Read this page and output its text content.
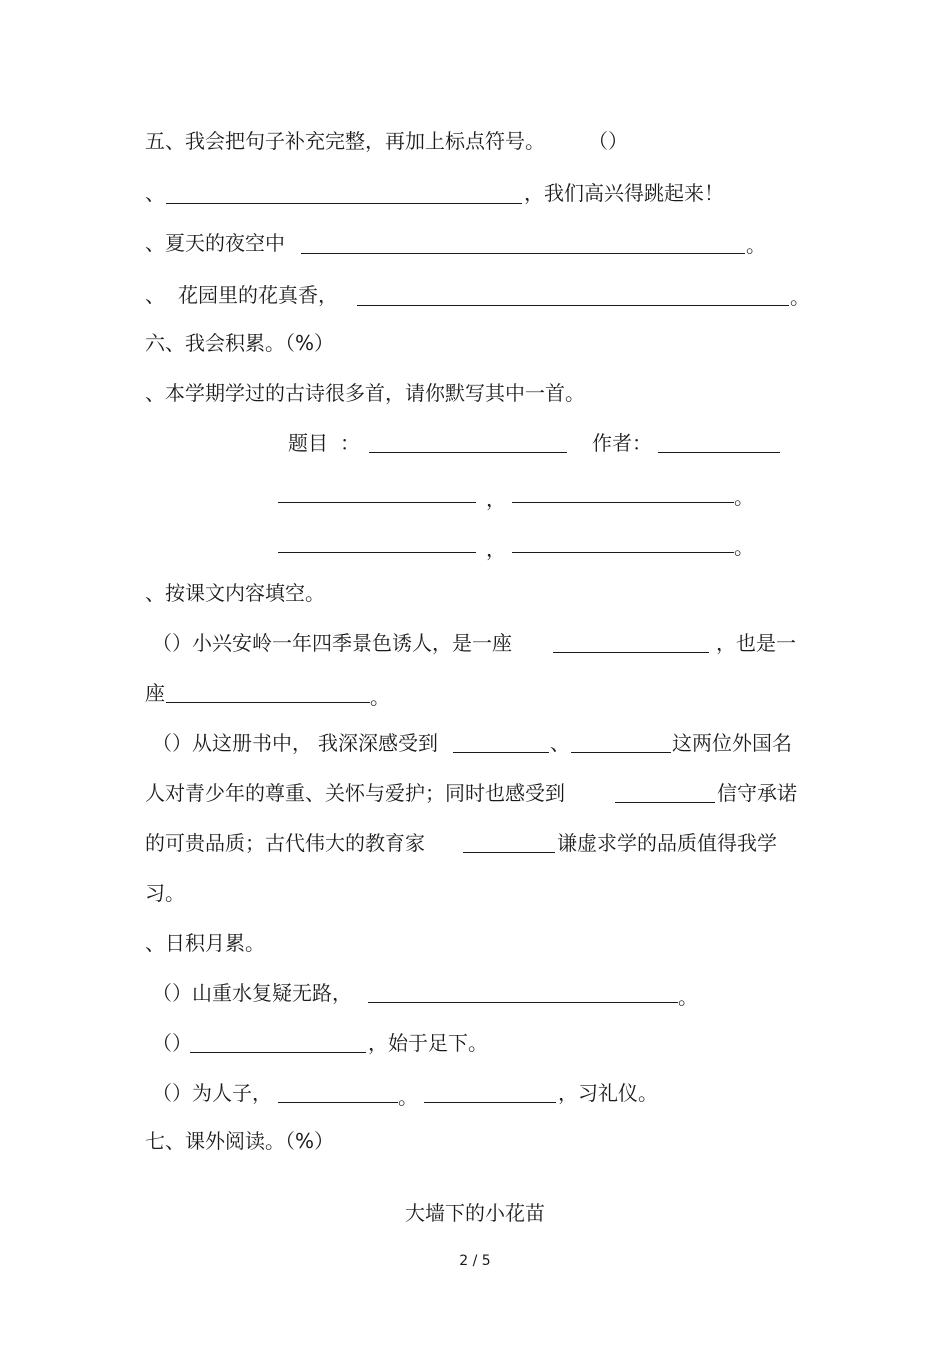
五、我会把句子补充完整，再加上标点符号。 （）
、	，我们高兴得跳起来！
、夏天的夜空中	。
、 花园里的花真香，	。
六、我会积累。（%）
、本学期学过的古诗很多首，请你默写其中一首。
题目 ：	作者：
，	。
，	。
、按课文内容填空。
（）小兴安岭一年四季景色诱人，是一座	，也是一
座	。
（）从这册书中， 我深深感受到	、	这两位外国名
人对青少年的尊重、关怀与爱护；同时也感受到	信守承诺
的可贵品质；古代伟大的教育家	谦虚求学的品质值得我学
习。
、日积月累。
（）山重水复疑无路，	。
（）	，始于足下。
（）为人子，	。	，习礼仪。
七、课外阅读。（%）
大墙下的小花苗
2 / 5
